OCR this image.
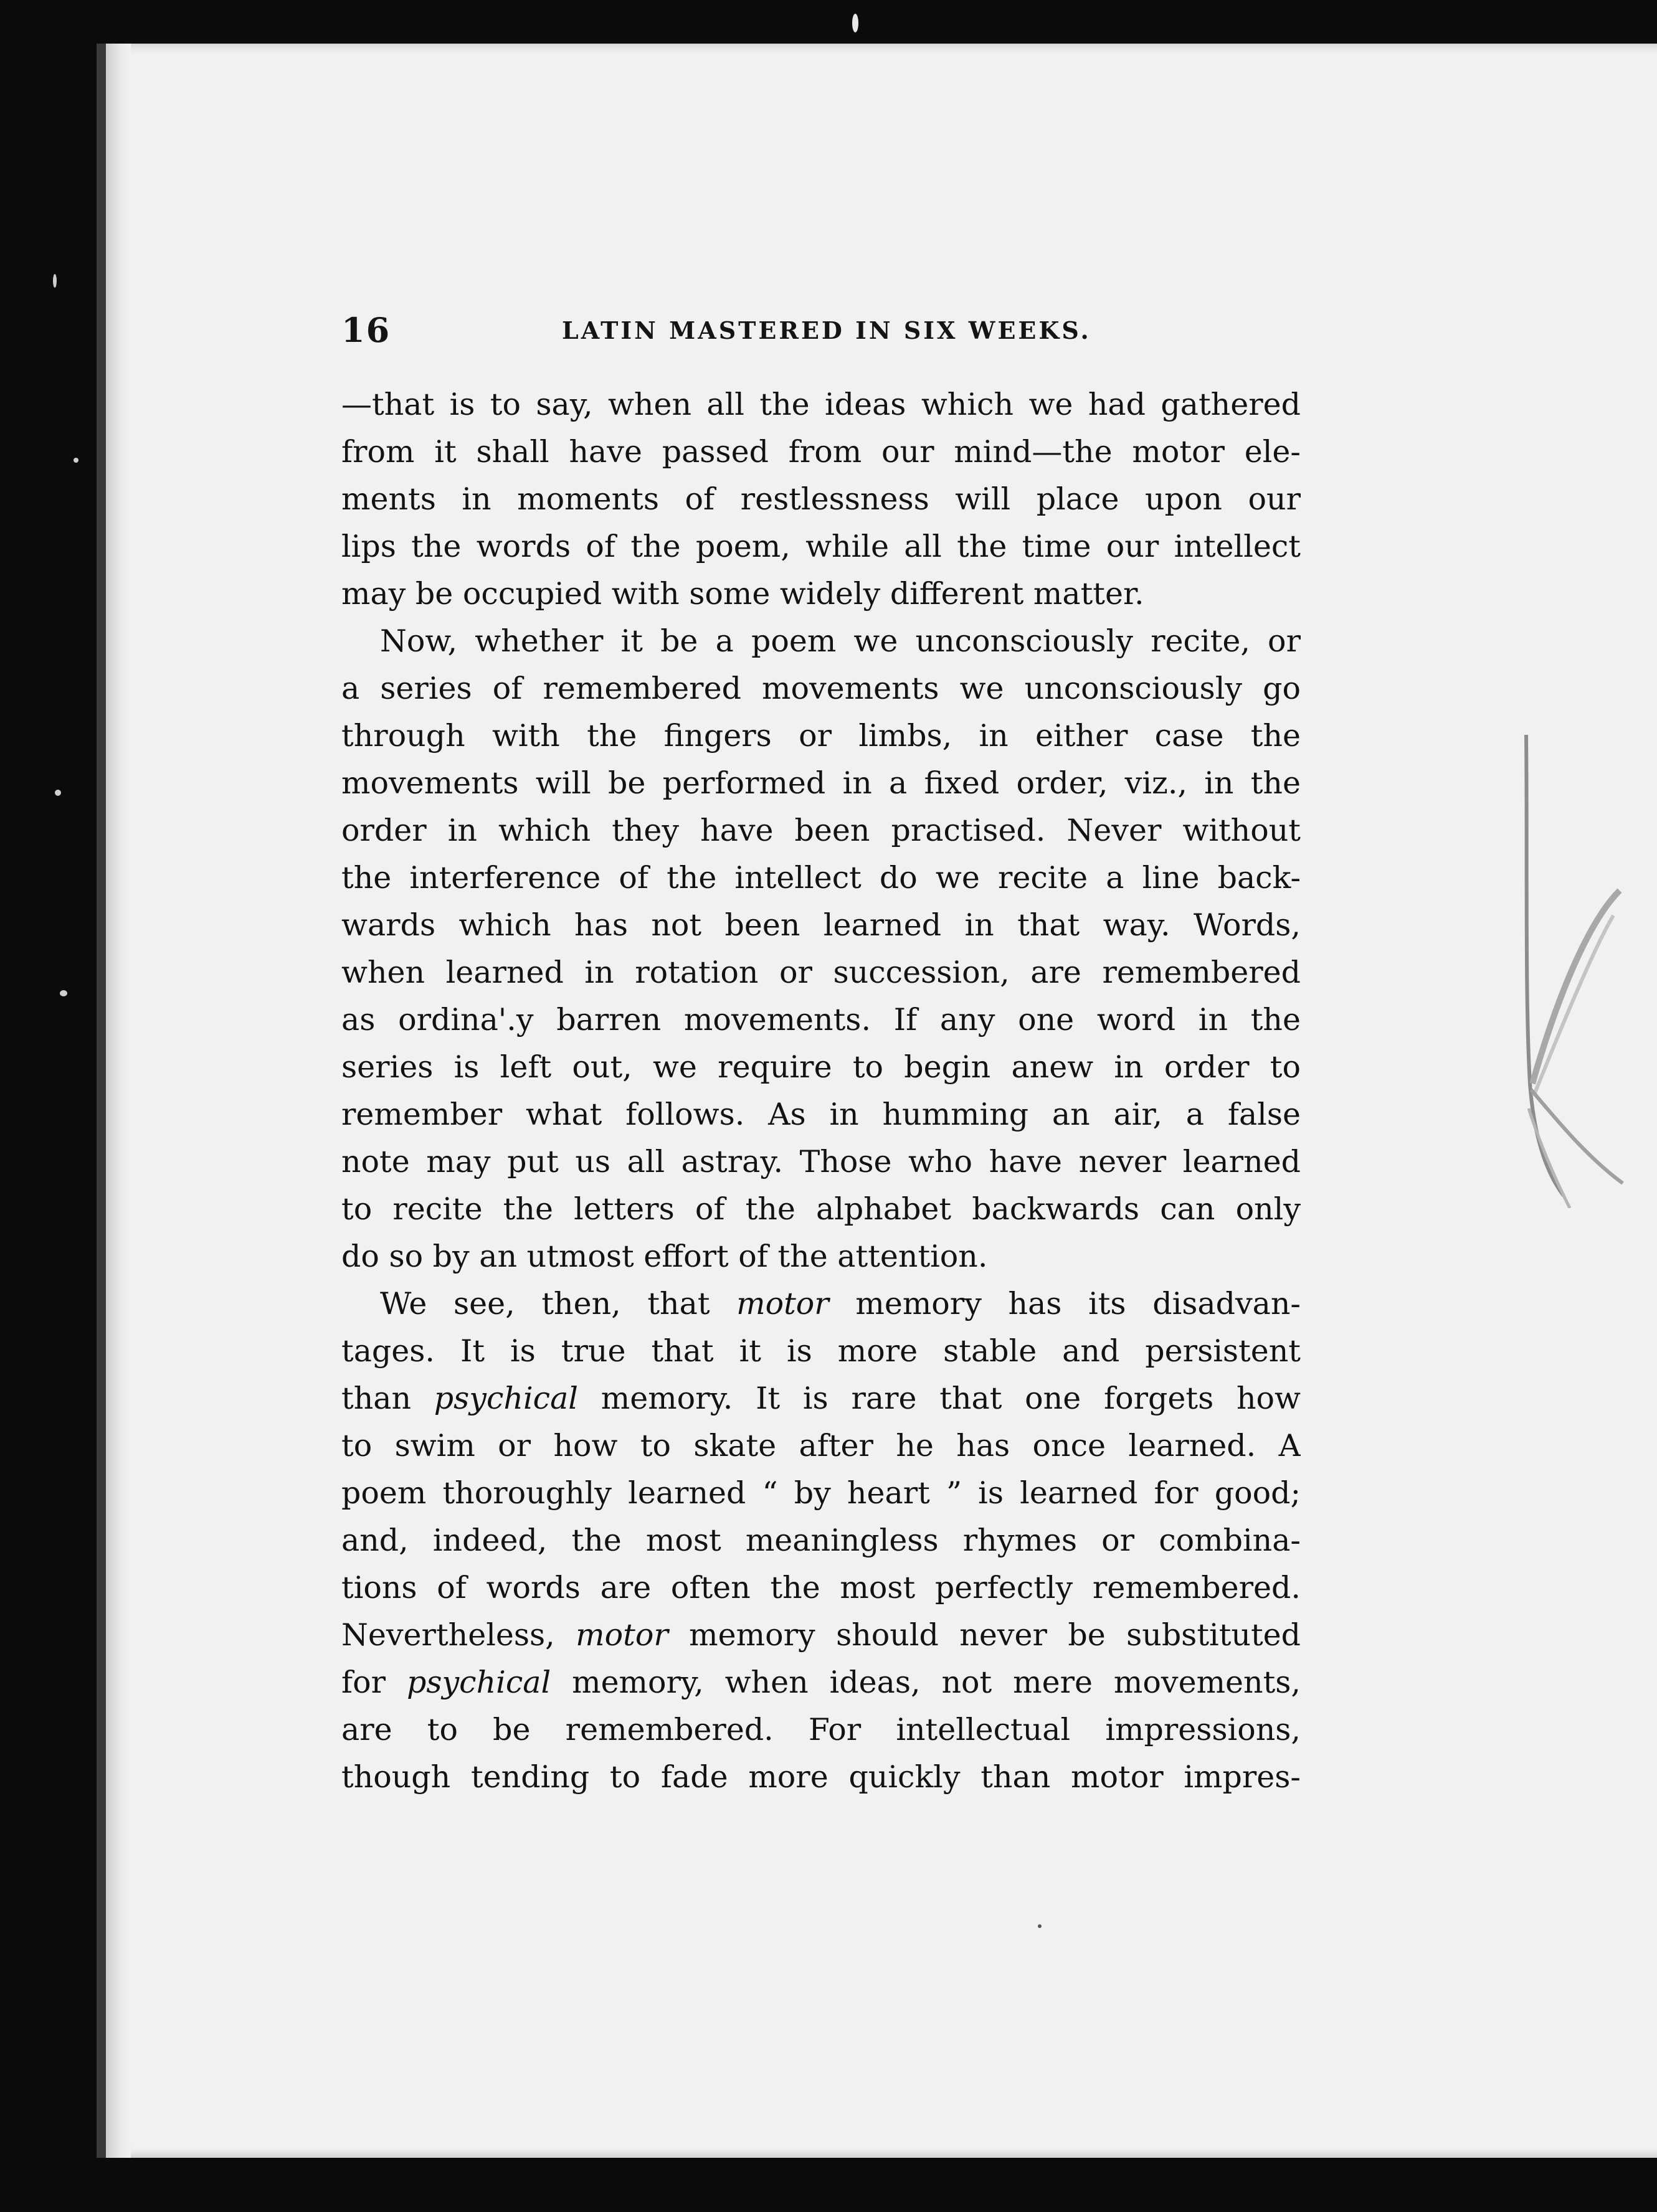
16	LATIN MASTERED IN SIX WEEKS.
—that is to say, when all the ideas which we had gathered
from it shall have passed from our mind—the motor ele-
ments in moments of restlessness will place upon our
lips the words of the poem, while all the time our intellect
may be occupied with some widely different matter.
Now, whether it be a poem we unconsciously recite, or
a series of remembered movements we unconsciously go
through with the fingers or limbs, in either case the
movements will be performed in a fixed order, viz., in the
order in which they have been practised. Never without
the interference of the intellect do we recite a line back-
wards which has not been learned in that way. Words,
when learned in rotation or succession, are remembered
as ordina'.y barren movements. If any one word in the
series is left out, we require to begin anew in order to
remember what follows. As in humming an air, a false
note may put us all astray. Those who have never learned
to recite the letters of the alphabet backwards can only
do so by an utmost effort of the attention.
We see, then, that motor memory has its disadvan-
tages. It is true that it is more stable and persistent
than psychical memory. It is rare that one forgets how
to swim or how to skate after he has once learned. A
poem thoroughly learned “ by heart ” is learned for good;
and, indeed, the most meaningless rhymes or combina-
tions of words are often the most perfectly remembered.
Nevertheless, motor memory should never be substituted
for psychical memory, when ideas, not mere movements,
are to be remembered. For intellectual impressions,
though tending to fade more quickly than motor impres-
